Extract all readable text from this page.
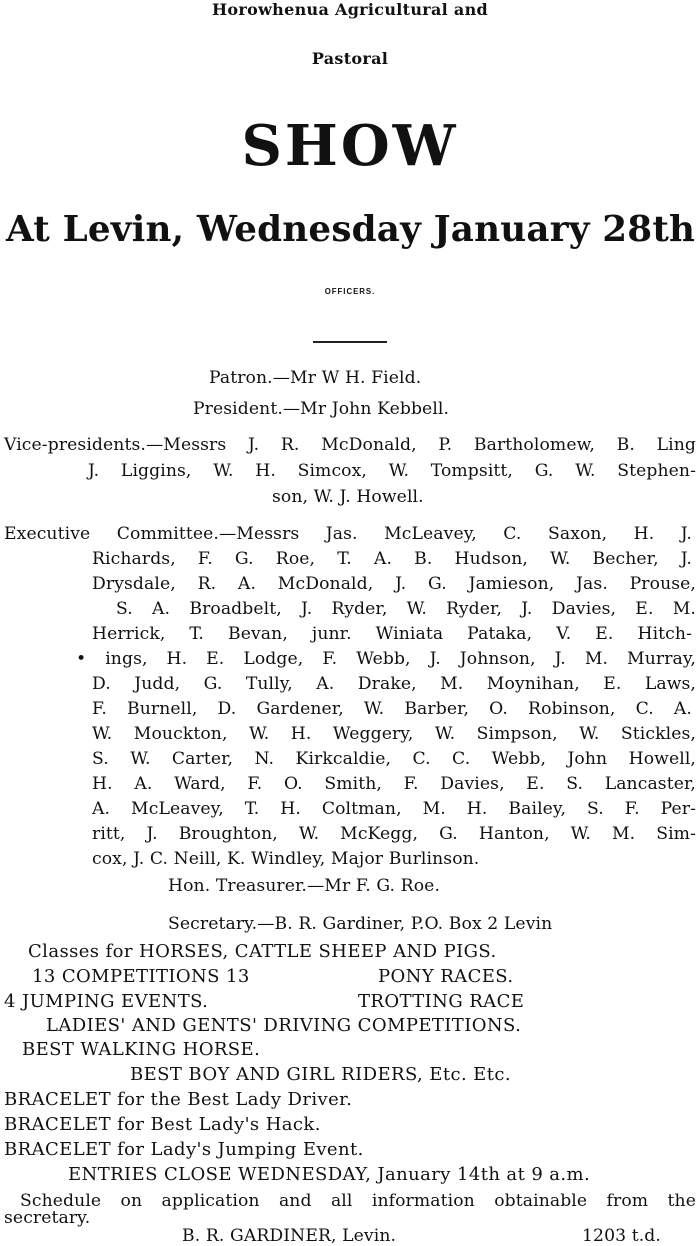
Horowhenua Agricultural and
Pastoral
SHOW
At Levin, Wednesday January 28th
OFFICERS.
Patron.—Mr W H. Field.
President.—Mr John Kebbell.
Vice-presidents.—Messrs J. R. McDonald, P. Bartholomew, B. Ling
J. Liggins, W. H. Simcox, W. Tompsitt, G. W. Stephen-
son, W. J. Howell.
Executive Committee.—Messrs Jas. McLeavey, C. Saxon, H. J.
Richards, F. G. Roe, T. A. B. Hudson, W. Becher, J.
Drysdale, R. A. McDonald, J. G. Jamieson, Jas. Prouse,
S. A. Broadbelt, J. Ryder, W. Ryder, J. Davies, E. M.
Herrick, T. Bevan, junr. Winiata Pataka, V. E. Hitch-
• ings, H. E. Lodge, F. Webb, J. Johnson, J. M. Murray,
D. Judd, G. Tully, A. Drake, M. Moynihan, E. Laws,
F. Burnell, D. Gardener, W. Barber, O. Robinson, C. A.
W. Mouckton, W. H. Weggery, W. Simpson, W. Stickles,
S. W. Carter, N. Kirkcaldie, C. C. Webb, John Howell,
H. A. Ward, F. O. Smith, F. Davies, E. S. Lancaster,
A. McLeavey, T. H. Coltman, M. H. Bailey, S. F. Per-
ritt, J. Broughton, W. McKegg, G. Hanton, W. M. Sim-
cox, J. C. Neill, K. Windley, Major Burlinson.
Hon. Treasurer.—Mr F. G. Roe.
Secretary.—B. R. Gardiner, P.O. Box 2 Levin
Classes for HORSES, CATTLE SHEEP AND PIGS.
13 COMPETITIONS 13	PONY RACES.
4 JUMPING EVENTS.	TROTTING RACE
LADIES' AND GENTS' DRIVING COMPETITIONS.
BEST WALKING HORSE.
BEST BOY AND GIRL RIDERS, Etc. Etc.
BRACELET for the Best Lady Driver.
BRACELET for Best Lady's Hack.
BRACELET for Lady's Jumping Event.
ENTRIES CLOSE WEDNESDAY, January 14th at 9 a.m.
Schedule on application and all information obtainable from the
secretary.
B. R. GARDINER, Levin.	1203 t.d.
